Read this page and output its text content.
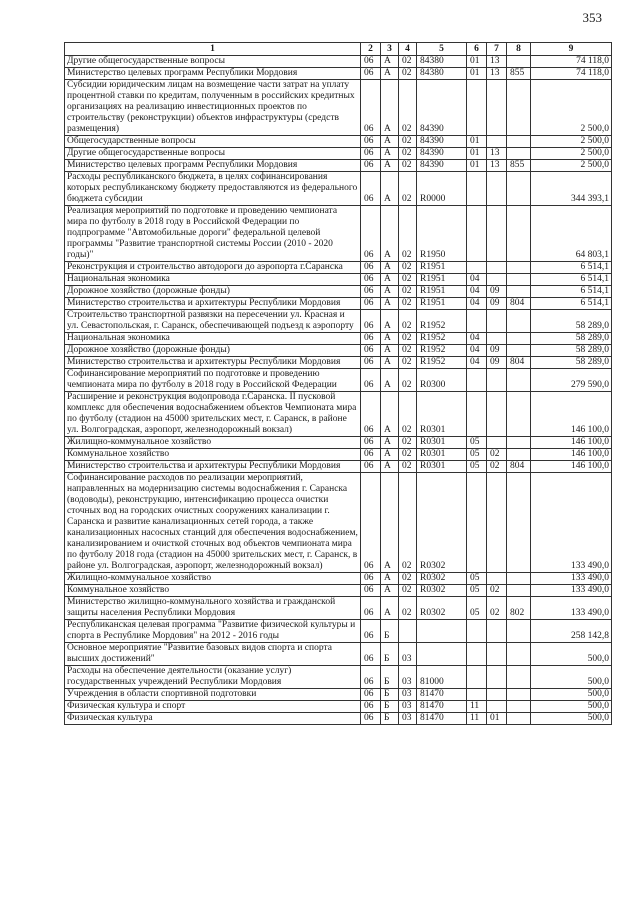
353
1	2	3	4	5	6	7	8	9
Другие общегосударственные вопросы	06	А	02	84380	01	13		74 118,0
Министерство целевых программ Республики Мордовия	06	А	02	84380	01	13	855	74 118,0
Субсидии юридическим лицам на возмещение части затрат на уплату процентной ставки по кредитам, полученным в российских кредитных организациях на реализацию инвестиционных проектов по строительству (реконструкции) объектов инфраструктуры (средств размещения)	06	А	02	84390				2 500,0
Общегосударственные вопросы	06	А	02	84390	01			2 500,0
Другие общегосударственные вопросы	06	А	02	84390	01	13		2 500,0
Министерство целевых программ Республики Мордовия	06	А	02	84390	01	13	855	2 500,0
Расходы республиканского бюджета, в целях софинансирования которых республиканскому бюджету предоставляются из федерального бюджета субсидии	06	А	02	R0000				344 393,1
Реализация мероприятий по подготовке и проведению чемпионата мира по футболу в 2018 году в Российской Федерации по подпрограмме "Автомобильные дороги" федеральной целевой программы "Развитие транспортной системы России (2010 - 2020 годы)"	06	А	02	R1950				64 803,1
Реконструкция и строительство автодороги до аэропорта г.Саранска	06	А	02	R1951				6 514,1
Национальная экономика	06	А	02	R1951	04			6 514,1
Дорожное хозяйство (дорожные фонды)	06	А	02	R1951	04	09		6 514,1
Министерство строительства и архитектуры Республики Мордовия	06	А	02	R1951	04	09	804	6 514,1
Строительство транспортной развязки на пересечении ул. Красная и ул. Севастопольская, г. Саранск, обеспечивающей подъезд к аэропорту	06	А	02	R1952				58 289,0
Национальная экономика	06	А	02	R1952	04			58 289,0
Дорожное хозяйство (дорожные фонды)	06	А	02	R1952	04	09		58 289,0
Министерство строительства и архитектуры Республики Мордовия	06	А	02	R1952	04	09	804	58 289,0
Софинансирование мероприятий по подготовке и проведению чемпионата мира по футболу в 2018 году в Российской Федерации	06	А	02	R0300				279 590,0
Расширение и реконструкция водопровода г.Саранска. II пусковой комплекс для обеспечения водоснабжением объектов Чемпионата мира по футболу (стадион на 45000 зрительских мест, г. Саранск, в районе ул. Волгоградская, аэропорт, железнодорожный вокзал)	06	А	02	R0301				146 100,0
Жилищно-коммунальное хозяйство	06	А	02	R0301	05			146 100,0
Коммунальное хозяйство	06	А	02	R0301	05	02		146 100,0
Министерство строительства и архитектуры Республики Мордовия	06	А	02	R0301	05	02	804	146 100,0
Софинансирование расходов по реализации мероприятий, направленных на модернизацию системы водоснабжения г. Саранска (водоводы), реконструкцию, интенсификацию процесса очистки сточных вод на городских очистных сооружениях канализации г. Саранска и развитие канализационных сетей города, а также канализационных насосных станций для обеспечения водоснабжением, канализированием и очисткой сточных вод объектов чемпионата мира по футболу 2018 года (стадион на 45000 зрительских мест, г. Саранск, в районе ул. Волгоградская, аэропорт, железнодорожный вокзал)	06	А	02	R0302				133 490,0
Жилищно-коммунальное хозяйство	06	А	02	R0302	05			133 490,0
Коммунальное хозяйство	06	А	02	R0302	05	02		133 490,0
Министерство жилищно-коммунального хозяйства и гражданской защиты населения Республики Мордовия	06	А	02	R0302	05	02	802	133 490,0
Республиканская целевая программа "Развитие физической культуры и спорта в Республике Мордовия" на 2012 - 2016 годы	06	Б						258 142,8
Основное мероприятие "Развитие базовых видов спорта и спорта высших достижений"	06	Б	03					500,0
Расходы на обеспечение деятельности (оказание услуг) государственных учреждений Республики Мордовия	06	Б	03	81000				500,0
Учреждения в области спортивной подготовки	06	Б	03	81470				500,0
Физическая культура и спорт	06	Б	03	81470	11			500,0
Физическая культура	06	Б	03	81470	11	01		500,0
